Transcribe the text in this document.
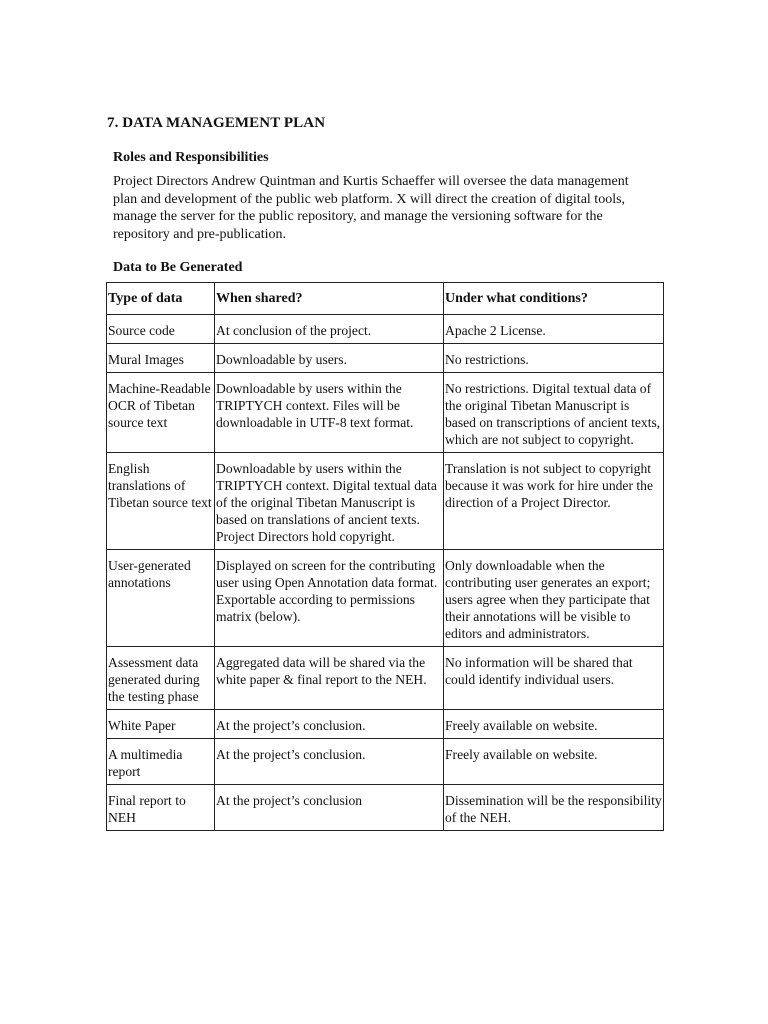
7. DATA MANAGEMENT PLAN
Roles and Responsibilities
Project Directors Andrew Quintman and Kurtis Schaeffer will oversee the data management plan and development of the public web platform. X will direct the creation of digital tools, manage the server for the public repository, and manage the versioning software for the repository and pre-publication.
Data to Be Generated
Type of data	When shared?	Under what conditions?
Source code	At conclusion of the project.	Apache 2 License.
Mural Images	Downloadable by users.	No restrictions.
Machine-Readable OCR of Tibetan source text	Downloadable by users within the TRIPTYCH context. Files will be downloadable in UTF-8 text format.	No restrictions. Digital textual data of the original Tibetan Manuscript is based on transcriptions of ancient texts, which are not subject to copyright.
English translations of Tibetan source text	Downloadable by users within the TRIPTYCH context. Digital textual data of the original Tibetan Manuscript is based on translations of ancient texts. Project Directors hold copyright.	Translation is not subject to copyright because it was work for hire under the direction of a Project Director.
User-generated annotations	Displayed on screen for the contributing user using Open Annotation data format. Exportable according to permissions matrix (below).	Only downloadable when the contributing user generates an export; users agree when they participate that their annotations will be visible to editors and administrators.
Assessment data generated during the testing phase	Aggregated data will be shared via the white paper & final report to the NEH.	No information will be shared that could identify individual users.
White Paper	At the project’s conclusion.	Freely available on website.
A multimedia report	At the project’s conclusion.	Freely available on website.
Final report to NEH	At the project’s conclusion	Dissemination will be the responsibility of the NEH.
